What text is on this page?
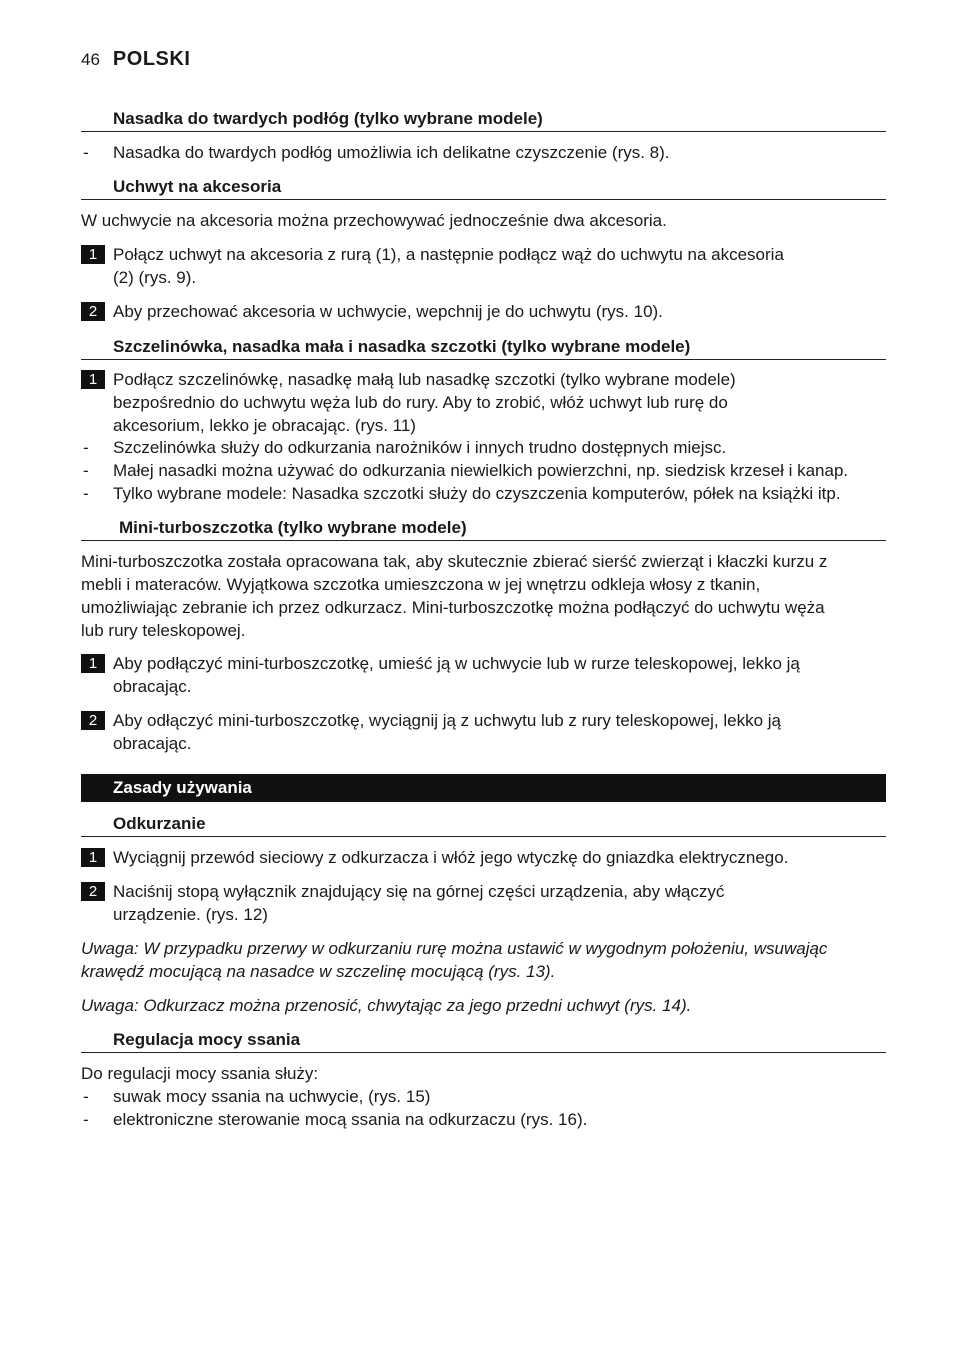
46 POLSKI
Nasadka do twardych podłóg (tylko wybrane modele)
- Nasadka do twardych podłóg umożliwia ich delikatne czyszczenie (rys. 8).
Uchwyt na akcesoria
W uchwycie na akcesoria można przechowywać jednocześnie dwa akcesoria.
1 Połącz uchwyt na akcesoria z rurą (1), a następnie podłącz wąż do uchwytu na akcesoria
(2) (rys. 9).
2 Aby przechować akcesoria w uchwycie, wepchnij je do uchwytu (rys. 10).
Szczelinówka, nasadka mała i nasadka szczotki (tylko wybrane modele)
1 Podłącz szczelinówkę, nasadkę małą lub nasadkę szczotki (tylko wybrane modele)
bezpośrednio do uchwytu węża lub do rury. Aby to zrobić, włóż uchwyt lub rurę do
akcesorium, lekko je obracając. (rys. 11)
- Szczelinówka służy do odkurzania narożników i innych trudno dostępnych miejsc.
- Małej nasadki można używać do odkurzania niewielkich powierzchni, np. siedzisk krzeseł i kanap.
- Tylko wybrane modele: Nasadka szczotki służy do czyszczenia komputerów, półek na książki itp.
Mini-turboszczotka (tylko wybrane modele)
Mini-turboszczotka została opracowana tak, aby skutecznie zbierać sierść zwierząt i kłaczki kurzu z
mebli i materaców. Wyjątkowa szczotka umieszczona w jej wnętrzu odkleja włosy z tkanin,
umożliwiając zebranie ich przez odkurzacz. Mini-turboszczotkę można podłączyć do uchwytu węża
lub rury teleskopowej.
1 Aby podłączyć mini-turboszczotkę, umieść ją w uchwycie lub w rurze teleskopowej, lekko ją
obracając.
2 Aby odłączyć mini-turboszczotkę, wyciągnij ją z uchwytu lub z rury teleskopowej, lekko ją
obracając.
Zasady używania
Odkurzanie
1 Wyciągnij przewód sieciowy z odkurzacza i włóż jego wtyczkę do gniazdka elektrycznego.
2 Naciśnij stopą wyłącznik znajdujący się na górnej części urządzenia, aby włączyć
urządzenie. (rys. 12)
Uwaga: W przypadku przerwy w odkurzaniu rurę można ustawić w wygodnym położeniu, wsuwając
krawędź mocującą na nasadce w szczelinę mocującą (rys. 13).
Uwaga: Odkurzacz można przenosić, chwytając za jego przedni uchwyt (rys. 14).
Regulacja mocy ssania
Do regulacji mocy ssania służy:
- suwak mocy ssania na uchwycie, (rys. 15)
- elektroniczne sterowanie mocą ssania na odkurzaczu (rys. 16).
